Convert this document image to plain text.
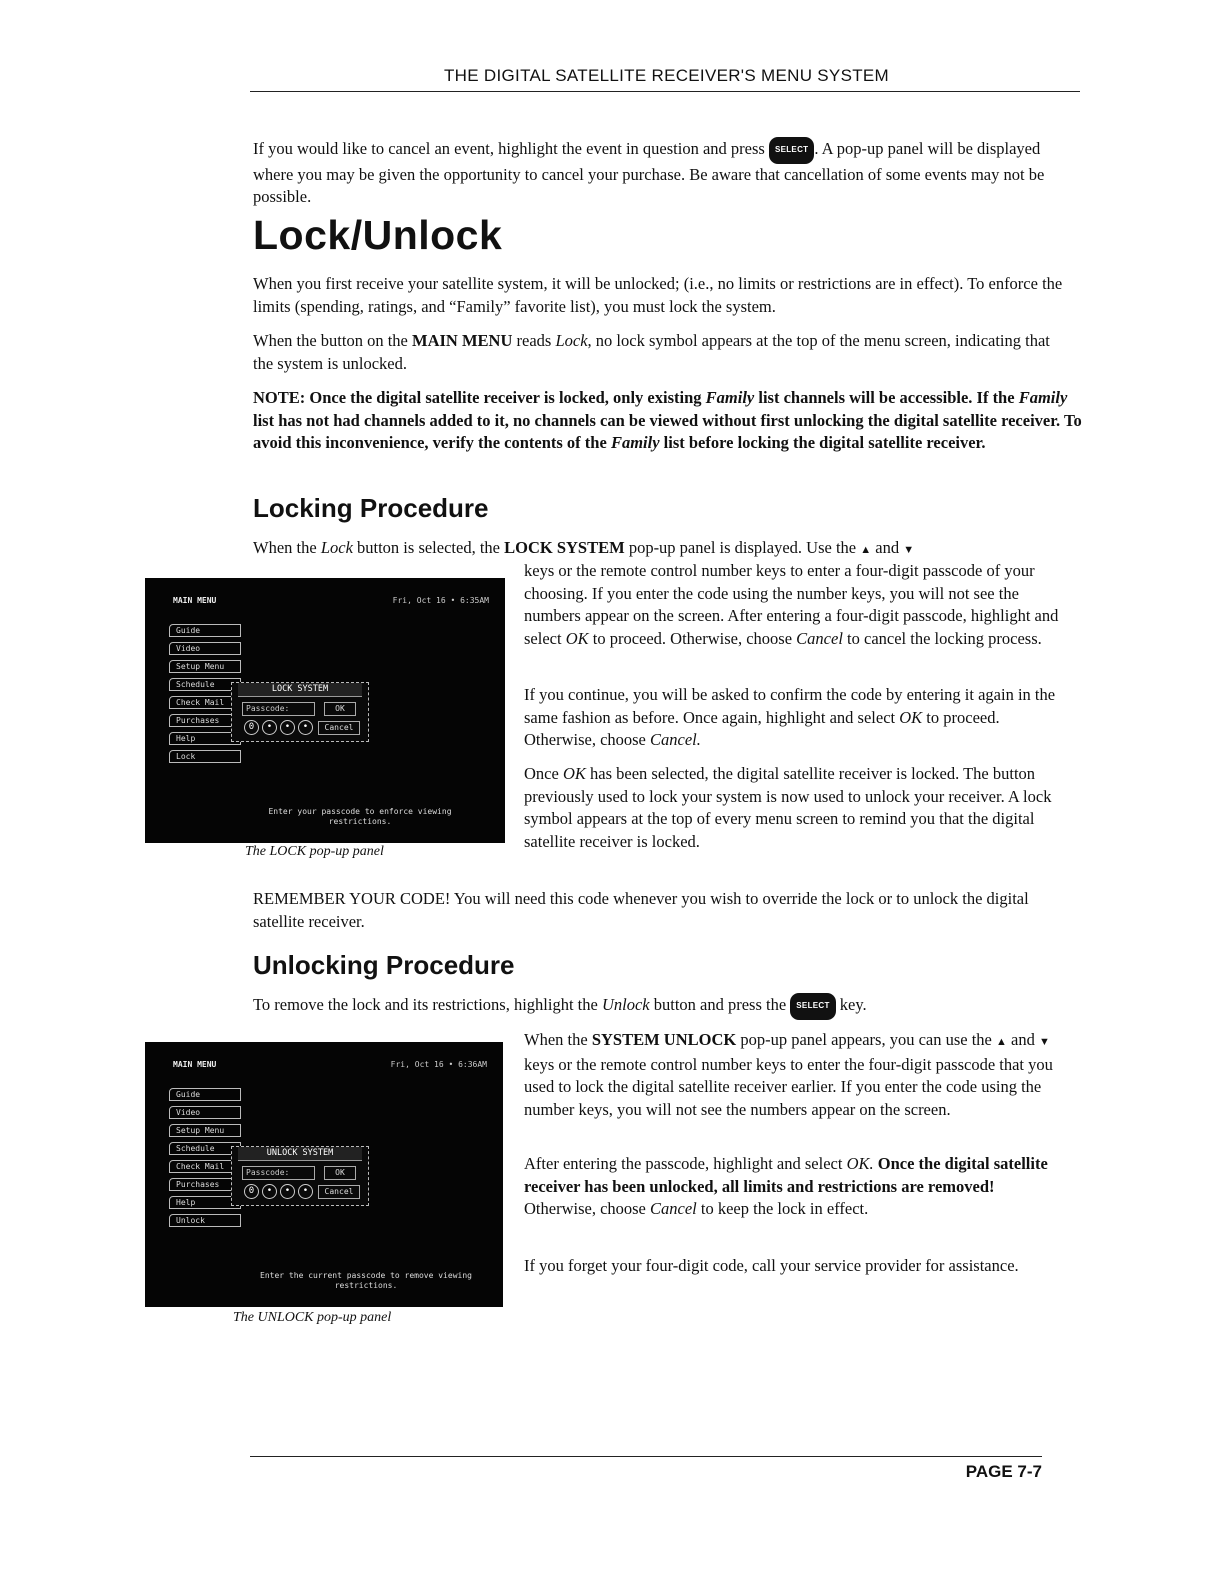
THE DIGITAL SATELLITE RECEIVER'S MENU SYSTEM

If you would like to cancel an event, highlight the event in question and press SELECT . A pop-up panel will be displayed where you may be given the opportunity to cancel your purchase. Be aware that cancellation of some events may not be possible.

Lock/Unlock

When you first receive your satellite system, it will be unlocked; (i.e., no limits or restrictions are in effect). To enforce the limits (spending, ratings, and “Family” favorite list), you must lock the system.

When the button on the MAIN MENU reads Lock, no lock symbol appears at the top of the menu screen, indicating that the system is unlocked.

NOTE: Once the digital satellite receiver is locked, only existing Family list channels will be accessible. If the Family list has not had channels added to it, no channels can be viewed without first unlocking the digital satellite receiver. To avoid this inconvenience, verify the contents of the Family list before locking the digital satellite receiver.

Locking Procedure

When the Lock button is selected, the LOCK SYSTEM pop-up panel is displayed. Use the ▲ and ▼

MAIN MENU	Fri, Oct 16 • 6:35AM
Guide
Video
Setup Menu
Schedule
Check Mail
Purchases
Help
Lock
LOCK SYSTEM
Passcode:	OK
0	•	•	•	Cancel
Enter your passcode to enforce viewing restrictions.
The LOCK pop-up panel

keys or the remote control number keys to enter a four-digit passcode of your choosing. If you enter the code using the number keys, you will not see the numbers appear on the screen. After entering a four-digit passcode, highlight and select OK to proceed. Otherwise, choose Cancel to cancel the locking process.

If you continue, you will be asked to confirm the code by entering it again in the same fashion as before. Once again, highlight and select OK to proceed. Otherwise, choose Cancel.

Once OK has been selected, the digital satellite receiver is locked. The button previously used to lock your system is now used to unlock your receiver. A lock symbol appears at the top of every menu screen to remind you that the digital satellite receiver is locked.

REMEMBER YOUR CODE! You will need this code whenever you wish to override the lock or to unlock the digital satellite receiver.

Unlocking Procedure

To remove the lock and its restrictions, highlight the Unlock button and press the SELECT key.

MAIN MENU	Fri, Oct 16 • 6:36AM
Guide
Video
Setup Menu
Schedule
Check Mail
Purchases
Help
Unlock
UNLOCK SYSTEM
Passcode:	OK
0	•	•	•	Cancel
Enter the current passcode to remove viewing restrictions.
The UNLOCK pop-up panel

When the SYSTEM UNLOCK pop-up panel appears, you can use the ▲ and ▼ keys or the remote control number keys to enter the four-digit passcode that you used to lock the digital satellite receiver earlier. If you enter the code using the number keys, you will not see the numbers appear on the screen.

After entering the passcode, highlight and select OK. Once the digital satellite receiver has been unlocked, all limits and restrictions are removed! Otherwise, choose Cancel to keep the lock in effect.

If you forget your four-digit code, call your service provider for assistance.

PAGE 7-7
